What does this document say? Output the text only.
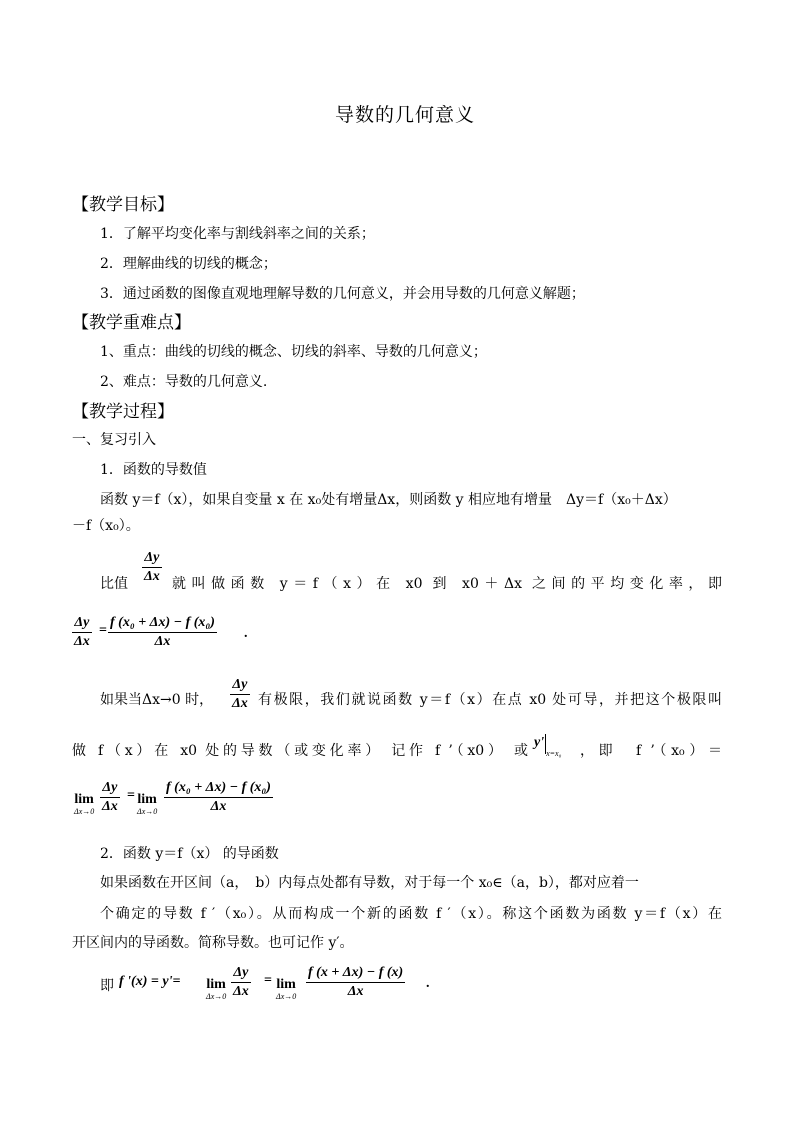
导数的几何意义
【教学目标】
1．了解平均变化率与割线斜率之间的关系；
2．理解曲线的切线的概念；
3．通过函数的图像直观地理解导数的几何意义，并会用导数的几何意义解题；
【教学重难点】
1、重点：曲线的切线的概念、切线的斜率、导数的几何意义；
2、难点：导数的几何意义.
【教学过程】
一、复习引入
1．函数的导数值
函数 y＝f（x），如果自变量 x 在 x₀处有增量Δx，则函数 y 相应地有增量　Δy＝f（x₀＋Δx）
－f（x₀）。
Δy
Δx
比值	就叫做函数 y＝f（x）在 x0 到 x0＋Δx 之间的平均变化率，即
Δy
Δx
=
f (x₀ + Δx) − f (x₀)
Δx
.
如果当Δx→0 时，
Δy
Δx 有极限，我们就说函数 y＝f（x）在点 x0 处可导，并把这个极限叫
做 f（x）在 x0 处的导数（或变化率） 记作 f ’（x0） 或
$y'_{x=x_0}$ ，即　f ’（x₀）＝
lim
Δx→0
Δy
Δx
= lim
Δx→0
f (x₀ + Δx) − f (x₀)
Δx
2．函数 y＝f（x） 的导函数
如果函数在开区间（a，　b）内每点处都有导数，对于每一个 x₀∈（a，b），都对应着一
个确定的导数 f ′（x₀）。从而构成一个新的函数 f ′（x）。称这个函数为函数 y＝f（x）在
开区间内的导函数。简称导数。也可记作 y′。
即 f '(x) = y'= lim
Δx→0
Δy
Δx
= lim
Δx→0
f (x + Δx) − f (x)
Δx
.
